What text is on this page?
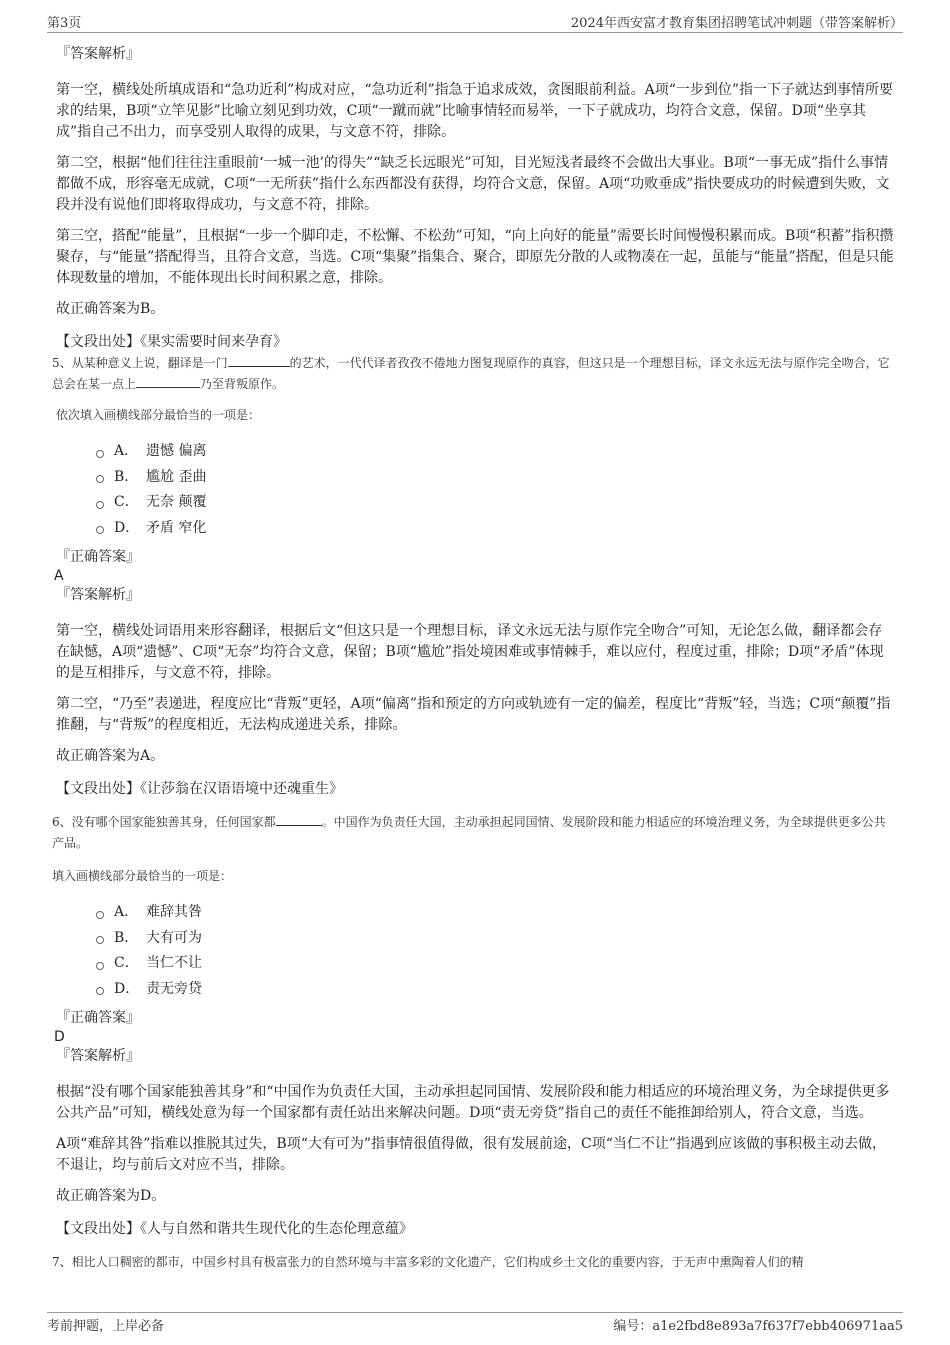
第3页	2024年西安富才教育集团招聘笔试冲刺题（带答案解析）

『答案解析』

第一空，横线处所填成语和“急功近利”构成对应，“急功近利”指急于追求成效，贪图眼前利益。A项“一步到位”指一下子就达到事情所要求的结果，B项“立竿见影”比喻立刻见到功效，C项“一蹴而就”比喻事情轻而易举，一下子就成功，均符合文意，保留。D项“坐享其成”指自己不出力，而享受别人取得的成果，与文意不符，排除。

第二空，根据“他们往往注重眼前‘一城一池’的得失”“缺乏长远眼光”可知，目光短浅者最终不会做出大事业。B项“一事无成”指什么事情都做不成，形容毫无成就，C项“一无所获”指什么东西都没有获得，均符合文意，保留。A项“功败垂成”指快要成功的时候遭到失败，文段并没有说他们即将取得成功，与文意不符，排除。

第三空，搭配“能量”，且根据“一步一个脚印走，不松懈、不松劲”可知，“向上向好的能量”需要长时间慢慢积累而成。B项“积蓄”指积攒聚存，与“能量”搭配得当，且符合文意，当选。C项“集聚”指集合、聚合，即原先分散的人或物凑在一起，虽能与“能量”搭配，但是只能体现数量的增加，不能体现出长时间积累之意，排除。

故正确答案为B。

【文段出处】《果实需要时间来孕育》

5、从某种意义上说，翻译是一门	的艺术，一代代译者孜孜不倦地力图复现原作的真容，但这只是一个理想目标，译文永远无法与原作完全吻合，它总会在某一点上	乃至背叛原作。

依次填入画横线部分最恰当的一项是：

A． 遗憾 偏离
B． 尴尬 歪曲
C． 无奈 颠覆
D． 矛盾 窄化

『正确答案』

A

『答案解析』

第一空，横线处词语用来形容翻译，根据后文“但这只是一个理想目标，译文永远无法与原作完全吻合”可知，无论怎么做，翻译都会存在缺憾，A项“遗憾”、C项“无奈”均符合文意，保留；B项“尴尬”指处境困难或事情棘手，难以应付，程度过重，排除；D项“矛盾”体现的是互相排斥，与文意不符，排除。

第二空，“乃至”表递进，程度应比“背叛”更轻，A项“偏离”指和预定的方向或轨迹有一定的偏差，程度比“背叛”轻，当选；C项“颠覆”指推翻，与“背叛”的程度相近，无法构成递进关系，排除。

故正确答案为A。

【文段出处】《让莎翁在汉语语境中还魂重生》

6、没有哪个国家能独善其身，任何国家都	。中国作为负责任大国，主动承担起同国情、发展阶段和能力相适应的环境治理义务，为全球提供更多公共产品。

填入画横线部分最恰当的一项是：

A． 难辞其咎
B． 大有可为
C． 当仁不让
D． 责无旁贷

『正确答案』

D

『答案解析』

根据“没有哪个国家能独善其身”和“中国作为负责任大国，主动承担起同国情、发展阶段和能力相适应的环境治理义务，为全球提供更多公共产品”可知，横线处意为每一个国家都有责任站出来解决问题。D项“责无旁贷”指自己的责任不能推卸给别人，符合文意，当选。

A项“难辞其咎”指难以推脱其过失，B项“大有可为”指事情很值得做，很有发展前途，C项“当仁不让”指遇到应该做的事积极主动去做，不退让，均与前后文对应不当，排除。

故正确答案为D。

【文段出处】《人与自然和谐共生现代化的生态伦理意蕴》

7、相比人口稠密的都市，中国乡村具有极富张力的自然环境与丰富多彩的文化遗产，它们构成乡土文化的重要内容，于无声中熏陶着人们的精

考前押题，上岸必备	编号：a1e2fbd8e893a7f637f7ebb406971aa5
